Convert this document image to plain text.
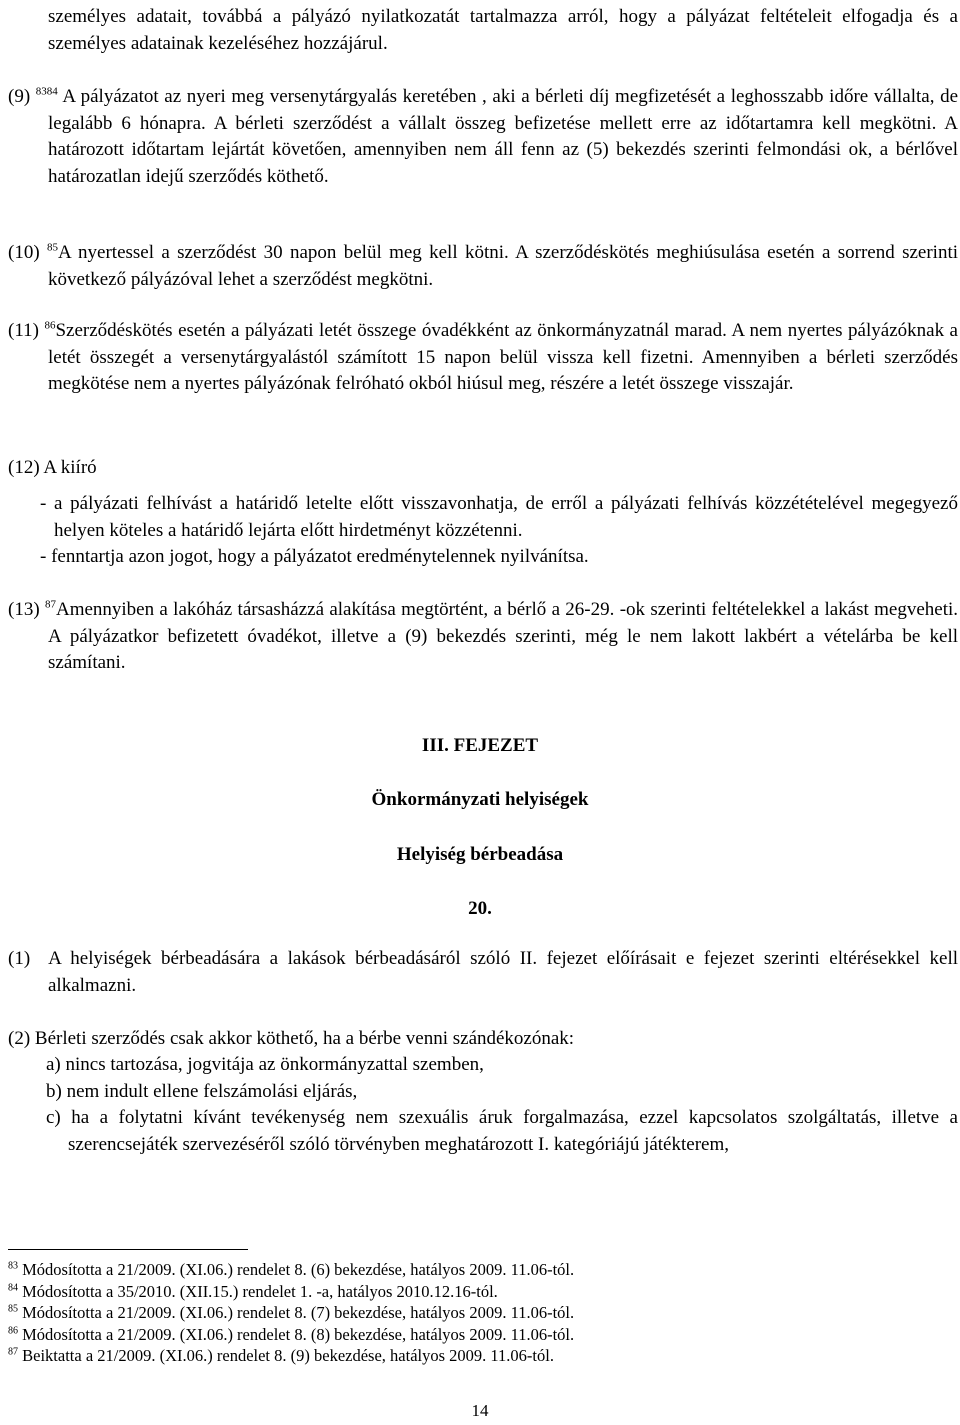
személyes adatait, továbbá a pályázó nyilatkozatát tartalmazza arról, hogy a pályázat feltételeit elfogadja és a személyes adatainak kezeléséhez hozzájárul.

(9) $^{8384}$ A pályázatot az nyeri meg versenytárgyalás keretében , aki a bérleti díj megfizetését a leghosszabb időre vállalta, de legalább 6 hónapra. A bérleti szerződést a vállalt összeg befizetése mellett erre az időtartamra kell megkötni. A határozott időtartam lejártát követően, amennyiben nem áll fenn az (5) bekezdés szerinti felmondási ok, a bérlővel határozatlan idejű szerződés köthető.

(10) $^{85}$A nyertessel a szerződést 30 napon belül meg kell kötni. A szerződéskötés meghiúsulása esetén a sorrend szerinti következő pályázóval lehet a szerződést megkötni.

(11) $^{86}$Szerződéskötés esetén a pályázati letét összege óvadékként az önkormányzatnál marad. A nem nyertes pályázóknak a letét összegét a versenytárgyalástól számított 15 napon belül vissza kell fizetni. Amennyiben a bérleti szerződés megkötése nem a nyertes pályázónak felróható okból hiúsul meg, részére a letét összege visszajár.

(12) A kiíró

- a pályázati felhívást a határidő letelte előtt visszavonhatja, de erről a pályázati felhívás közzétételével megegyező helyen köteles a határidő lejárta előtt hirdetményt közzétenni.

- fenntartja azon jogot, hogy a pályázatot eredménytelennek nyilvánítsa.

(13) $^{87}$Amennyiben a lakóház társasházzá alakítása megtörtént, a bérlő a 26-29. -ok szerinti feltételekkel a lakást megveheti. A pályázatkor befizetett óvadékot, illetve a (9) bekezdés szerinti, még le nem lakott lakbért a vételárba be kell számítani.

III. FEJEZET
Önkormányzati helyiségek
Helyiség bérbeadása
20.

(1) A helyiségek bérbeadására a lakások bérbeadásáról szóló II. fejezet előírásait e fejezet szerinti eltérésekkel kell alkalmazni.

(2) Bérleti szerződés csak akkor köthető, ha a bérbe venni szándékozónak:

a) nincs tartozása, jogvitája az önkormányzattal szemben,

b) nem indult ellene felszámolási eljárás,

c) ha a folytatni kívánt tevékenység nem szexuális áruk forgalmazása, ezzel kapcsolatos szolgáltatás, illetve a szerencsejáték szervezéséről szóló törvényben meghatározott I. kategóriájú játékterem,

$^{83}$ Módosította a 21/2009. (XI.06.) rendelet 8. (6) bekezdése, hatályos 2009. 11.06-tól.

$^{84}$ Módosította a 35/2010. (XII.15.) rendelet 1. -a, hatályos 2010.12.16-tól.

$^{85}$ Módosította a 21/2009. (XI.06.) rendelet 8. (7) bekezdése, hatályos 2009. 11.06-tól.

$^{86}$ Módosította a 21/2009. (XI.06.) rendelet 8. (8) bekezdése, hatályos 2009. 11.06-tól.

$^{87}$ Beiktatta a 21/2009. (XI.06.) rendelet 8. (9) bekezdése, hatályos 2009. 11.06-tól.

14
